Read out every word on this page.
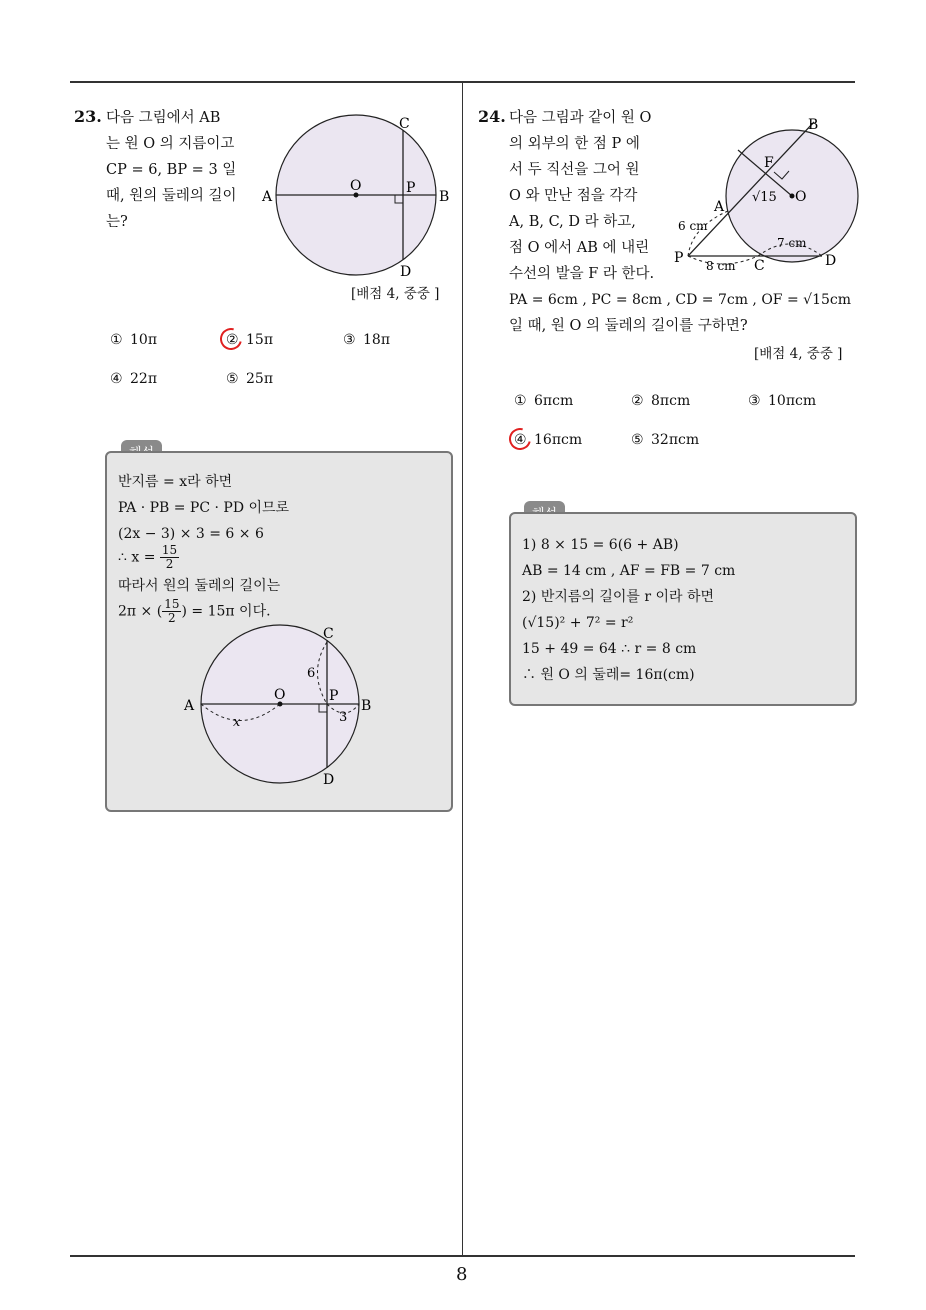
8
23. 다음 그림에서 AB
는 원 O 의 지름이고
CP = 6, BP = 3 일
때, 원의 둘레의 길이
는?
A	B
C
D
O	P
[배점 4, 중중 ]
① 10π	② 15π	③ 18π
④ 22π	⑤ 25π
반지름 = x라 하면
PA · PB = PC · PD 이므로
(2x − 3) × 3 = 6 × 6
∴ $x = \frac{15}{2}$
따라서 원의 둘레의 길이는
2π × ( $\frac{15}{2}$ ) = 15π 이다.
A	B
C
D
O	P
6
3
x
24. 다음 그림과 같이 원 O
의 외부의 한 점 P 에
서 두 직선을 그어 원
O 와 만난 점을 각각
A, B, C, D 라 하고,
점 O 에서 AB 에 내린
수선의 발을 F 라 한다.
B
F
O
√15
A
6 cm
7 cm
P 8 cm C	D
PA = 6cm , PC = 8cm , CD = 7cm , OF = √15cm
일 때, 원 O 의 둘레의 길이를 구하면?
[배점 4, 중중 ]
① 6πcm	② 8πcm	③ 10πcm
④ 16πcm	⑤ 32πcm
1) 8 × 15 = 6(6 + AB)
AB = 14 cm , AF = FB = 7 cm
2) 반지름의 길이를 r 이라 하면
(√15)² + 7² = r²
15 + 49 = 64 ∴ r = 8 cm
∴ 원 O 의 둘레= 16π(cm)
